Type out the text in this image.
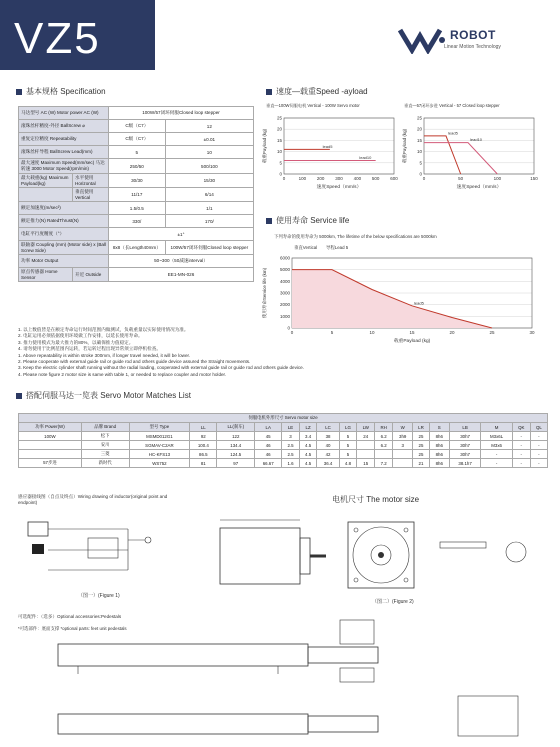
VZ5	ROBOT
Linear Motion Technology
基本规格 Specification
马达型号 AC (W) Motor power AC (W)		100W/57闭环伺服Closed loop stepper	
滚珠丝杆精度-外径 BallScrew ⌀		C级（C7）	12
重复定位精度 Repeatability		C级（C7）	±0.01
滚珠丝杆导程 BallScrew Lead(mm)		5	10
最大速度 Maximum Speed(mm/sec) 马达转速 3000 Motor Speed(rpm/min)		250/50	500/100
最大载重(kg) Maximum Payload(kg)	水平使用 Horizontal	30/30	15/30
	垂直使用 Vertical	11/17	6/14
额定加速度(m/sec²)		1.5/0.5	1/1
额定推力(N) RatedThrust(N)		330/	170/
电缸平行度精度（°）		±1°	
联轴器 Coupling (mm) (Motor side) x (Ball Screw Side)		8x8（长Length40mm）	100W/57闭环伺服Closed loop stepper
功率 Motor Output		50~300（50减速interval）	
原点传感器 Home Sensor	开近 Outside	EE1-MN-026	
速度—载重Speed -ayload
垂直—100W伺服电机 Vertical - 100W Servo motor	垂直—57闭环步进 Vertical - 57 Closed loop stepper
0
5
10
15
20
25
0	100 200 300 400 500 600
lead5
lead10
载重Payload (kg)
速度Speed（mm/s）
0
5
10
15
20
25
0	50	100	150
lead5
lead10
载重Payload (kg)
速度Speed（mm/s）
使用寿命 Service life
下列寿命的使用寿命为 5000km, The lifetime of the below specifications are 5000km
0
1000
2000
3000
4000
5000
6000
0	5	10	15	20	25	30
lead5
使用寿命Service life (km)
载重Payload (kg)
垂直Vertical 导程Lead 5
1. 以上数值皆是在额定寿命运行时间范围内做测试，负载重量以实际使用情况为准。
2. 电缸运用必须依据使用环境做工作安排，以延长使用寿命。
3. 推力使用模式为最大推力的80%，以确保推力值稳定。
4. 请勿使用于比例范围内运转，若运转过程出现异常须立即停机检查。
1. Above repeatability is within stroke 300mm, if longer travel needed, it will be lower.
2. Please cooperate with external guide rail or guide rod and others guide device assured the Straight movements.
3. Keep the electric cylinder shaft running without the radial loading, cooperated with external guide rail or guide rod and others guide device.
4. Please note figure 2 motor size is same with table 1, or needed to replace coupler and motor holder.
搭配伺服马达一览表 Servo Motor Matches List
伺服电机外形尺寸 Servo motor size																		
功率 Power(W)	品牌 Brand	型号 Type	LL	LL(刹车)	LA	LE	LZ	LC	LG	LW	RH	W	LR	S	LB	M	QK	QL
100W	松下	MSMD012G1	92	122	45	3	3.4	38	5	24	6.2	3h9	25	8h6	30h7	M3x6L	-	-
	安川	SGMAV-C2AR	100.4	134.4	46	2.5	4.5	40	5		6.2	3	25	8h6	30h7	M3x6	-	-
	三菱	HC-KFS13	86.5	124.5	46	2.5	4.5	42	5				25	8h6	30h7	-	-	-
57步进	新时代	WS752	81	97	66.67	1.6	4.5	36.4	4.8	15	7.2		21	8h6	38.1h7	-	-	-
感应器接线图（自点及终点）Wiring drawing of inductor(original point and endpoint)
（图一）(Figure 1)
电机尺寸 The motor size
（图二）(Figure 2)
可选配件：（选多）Optional accessories:Pedestals
*可选部件：底面支撑 *optional parts: feet unit pedestals
